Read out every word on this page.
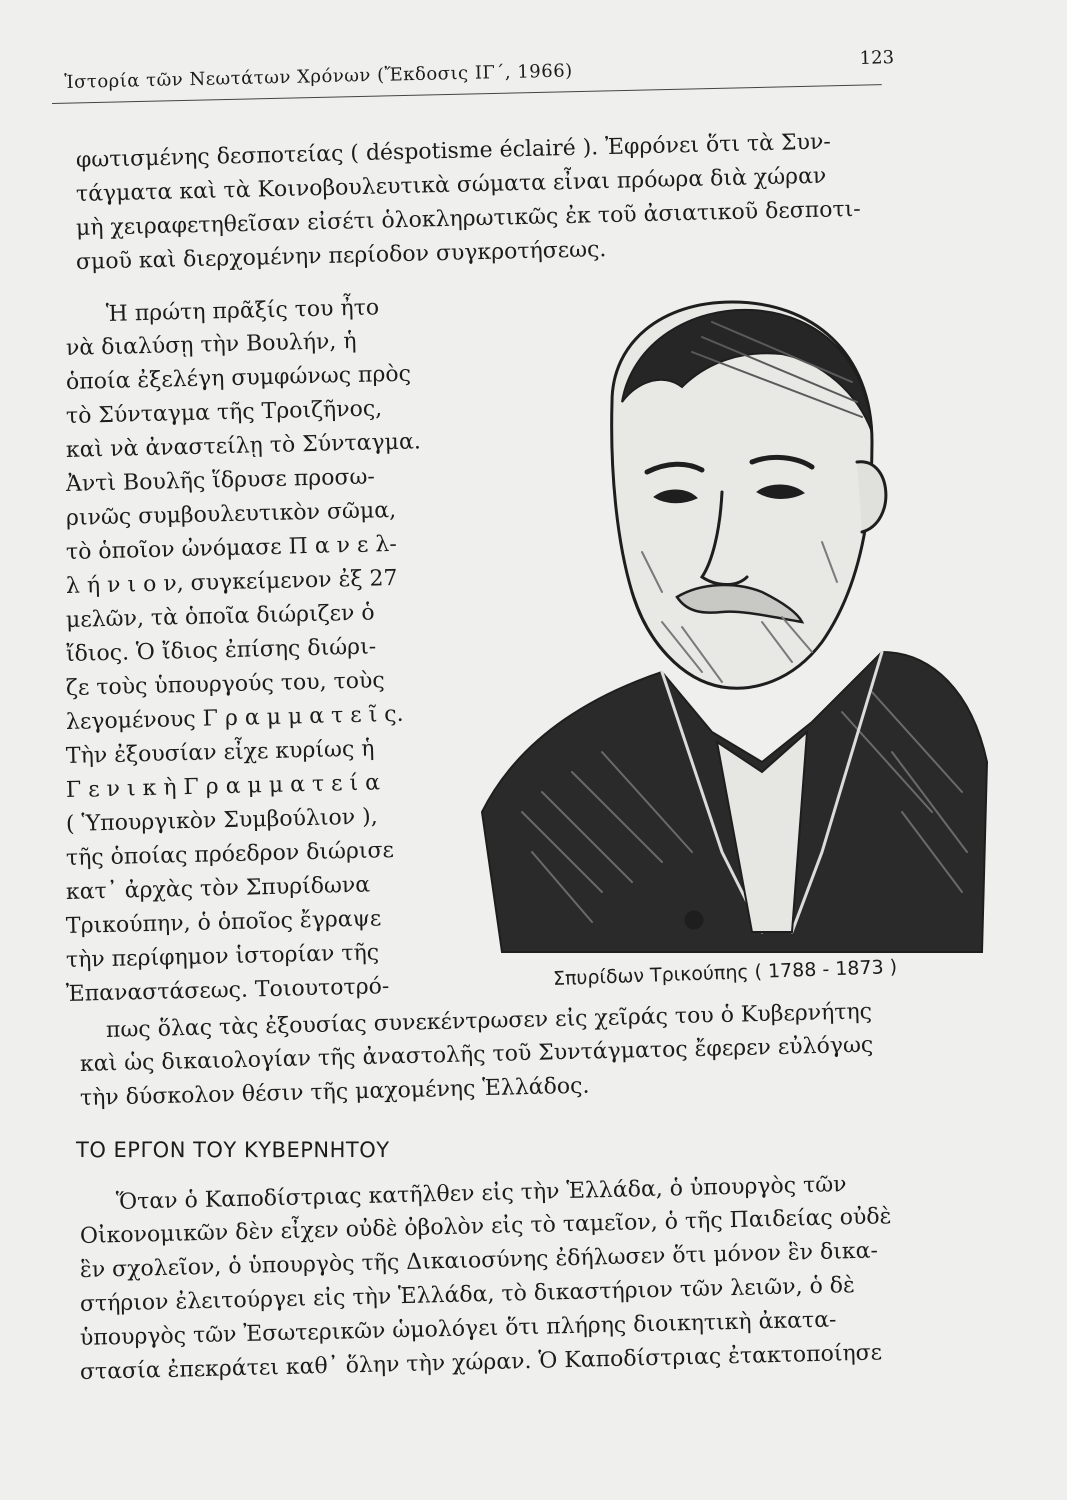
Ἱστορία τῶν Νεωτάτων Χρόνων (Ἔκδοσις ΙΓ΄, 1966)
123
φωτισμένης δεσποτείας ( déspotisme éclairé ). Ἐφρόνει ὅτι τὰ Συν-
τάγματα καὶ τὰ Κοινοβουλευτικὰ σώματα εἶναι πρόωρα διὰ χώραν
μὴ χειραφετηθεῖσαν εἰσέτι ὁλοκληρωτικῶς ἐκ τοῦ ἀσιατικοῦ δεσποτι-
σμοῦ καὶ διερχομένην περίοδον συγκροτήσεως.
Ἡ πρώτη πρᾶξίς του ἦτο
νὰ διαλύσῃ τὴν Βουλήν, ἡ
ὁποία ἐξελέγη συμφώνως πρὸς
τὸ Σύνταγμα τῆς Τροιζῆνος,
καὶ νὰ ἀναστείλῃ τὸ Σύνταγμα.
Ἀντὶ Βουλῆς ἵδρυσε προσω-
ρινῶς συμβουλευτικὸν σῶμα,
τὸ ὁποῖον ὠνόμασε Π α ν ε λ-
λ ή ν ι ο ν, συγκείμενον ἐξ 27
μελῶν, τὰ ὁποῖα διώριζεν ὁ
ἴδιος. Ὁ ἴδιος ἐπίσης διώρι-
ζε τοὺς ὑπουργούς του, τοὺς
λεγομένους Γ ρ α μ μ α τ ε ῖ ς.
Τὴν ἐξουσίαν εἶχε κυρίως ἡ
Γ ε ν ι κ ὴ Γ ρ α μ μ α τ ε ί α
( Ὑπουργικὸν Συμβούλιον ),
τῆς ὁποίας πρόεδρον διώρισε
κατ᾽ ἀρχὰς τὸν Σπυρίδωνα
Τρικούπην, ὁ ὁποῖος ἔγραψε
τὴν περίφημον ἱστορίαν τῆς
Ἐπαναστάσεως. Τοιουτοτρό-
Σπυρίδων Τρικούπης ( 1788 - 1873 )
πως ὅλας τὰς ἐξουσίας συνεκέντρωσεν εἰς χεῖράς του ὁ Κυβερνήτης
καὶ ὡς δικαιολογίαν τῆς ἀναστολῆς τοῦ Συντάγματος ἔφερεν εὐλόγως
τὴν δύσκολον θέσιν τῆς μαχομένης Ἑλλάδος.
ΤΟ ΕΡΓΟΝ ΤΟΥ ΚΥΒΕΡΝΗΤΟΥ
Ὅταν ὁ Καποδίστριας κατῆλθεν εἰς τὴν Ἑλλάδα, ὁ ὑπουργὸς τῶν
Οἰκονομικῶν δὲν εἶχεν οὐδὲ ὀβολὸν εἰς τὸ ταμεῖον, ὁ τῆς Παιδείας οὐδὲ
ἓν σχολεῖον, ὁ ὑπουργὸς τῆς Δικαιοσύνης ἐδήλωσεν ὅτι μόνον ἓν δικα-
στήριον ἐλειτούργει εἰς τὴν Ἑλλάδα, τὸ δικαστήριον τῶν λειῶν, ὁ δὲ
ὑπουργὸς τῶν Ἐσωτερικῶν ὡμολόγει ὅτι πλήρης διοικητικὴ ἀκατα-
στασία ἐπεκράτει καθ᾽ ὅλην τὴν χώραν. Ὁ Καποδίστριας ἐτακτοποίησε
